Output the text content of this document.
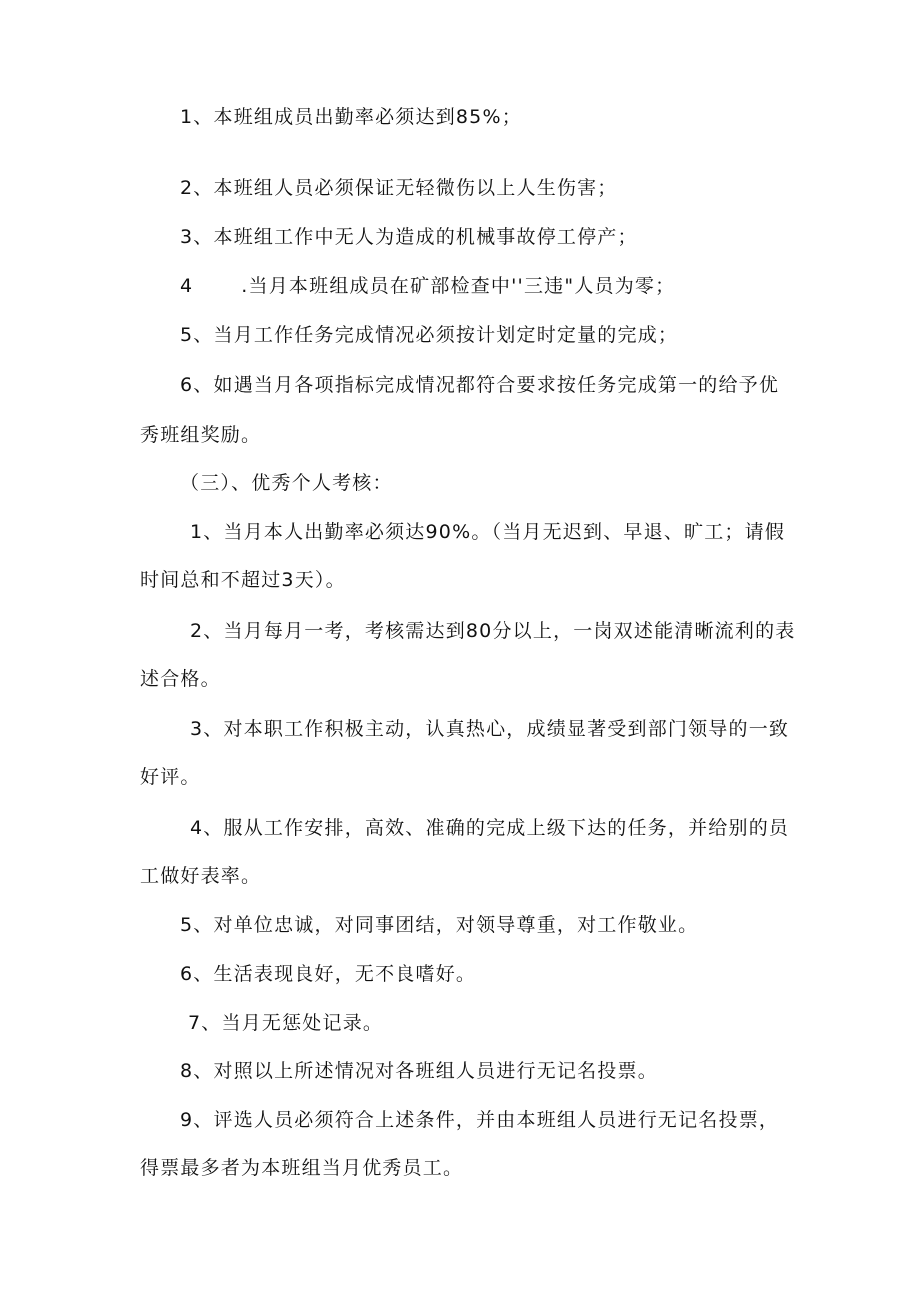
1、本班组成员出勤率必须达到85%；
2、本班组人员必须保证无轻微伤以上人生伤害；
3、本班组工作中无人为造成的机械事故停工停产；
4	.当月本班组成员在矿部检查中''三违"人员为零；
5、当月工作任务完成情况必须按计划定时定量的完成；
6、如遇当月各项指标完成情况都符合要求按任务完成第一的给予优
秀班组奖励。
（三）、优秀个人考核：
1、当月本人出勤率必须达90%。（当月无迟到、早退、旷工；请假
时间总和不超过3天）。
2、当月每月一考，考核需达到80分以上，一岗双述能清晰流利的表
述合格。
3、对本职工作积极主动，认真热心，成绩显著受到部门领导的一致
好评。
4、服从工作安排，高效、准确的完成上级下达的任务，并给别的员
工做好表率。
5、对单位忠诚，对同事团结，对领导尊重，对工作敬业。
6、生活表现良好，无不良嗜好。
7、当月无惩处记录。
8、对照以上所述情况对各班组人员进行无记名投票。
9、评选人员必须符合上述条件，并由本班组人员进行无记名投票，
得票最多者为本班组当月优秀员工。
